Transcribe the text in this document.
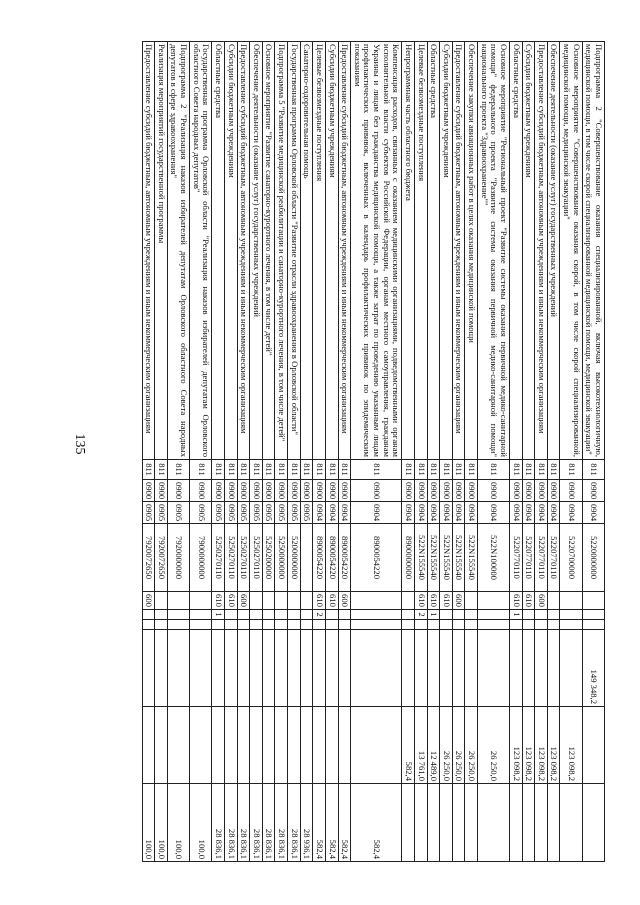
135	Подпрограмма 2 "Совершенствование оказания специализированной, включая высокотехнологичную, медицинской помощи, в том числе скорой специализированной медицинской помощи, медицинской эвакуации"	811	0900	0904	5220000000				149 348,2		
Основное мероприятие "Совершенствование оказания скорой, в том числе скорой специализированной, медицинской помощи, медицинской эвакуации"	811	0900	0904	5220700000					123 098,2	
Обеспечение деятельности (оказание услуг) государственных учреждений	811	0900	0904	5220770110					123 098,2	
Предоставление субсидий бюджетным, автономным учреждениям и иным некоммерческим организациям	811	0900	0904	5220770110	600				123 098,2	
Субсидии бюджетным учреждениям	811	0900	0904	5220770110	610				123 098,2	
Областные средства	811	0900	0904	5220770110	610	1			123 098,2	
Основное мероприятие "Региональный проект "Развитие системы оказания первичной медико-санитарной помощи" федерального проекта "Развитие системы оказания первичной медико-санитарной помощи" национального проекта "Здравоохранение""	811	0900	0904	522N100000					26 250,0	
Обеспечение закупки авиационных работ в целях оказания медицинской помощи	811	0900	0904	522N155540					26 250,0	
Предоставление субсидий бюджетным, автономным учреждениям и иным некоммерческим организациям	811	0900	0904	522N155540	600				26 250,0	
Субсидии бюджетным учреждениям	811	0900	0904	522N155540	610				26 250,0	
Областные средства	811	0900	0904	522N155540	610	1			12 489,0	
Целевые безвозмездные поступления	811	0900	0904	522N155540	610	2			13 761,0	
Непрограммная часть областного бюджета	811	0900	0904	8900000000					582,4	
Компенсация расходов, связанных с оказанием медицинскими организациями, подведомственными органам исполнительной власти субъектов Российской Федерации, органам местного самоуправления, гражданам Украины и лицам без гражданства медицинской помощи, а также затрат по проведению указанным лицам профилактических прививок, включенных в календарь профилактических прививок по эпидемическим показаниям	811	0900	0904	8900054220						582,4
Предоставление субсидий бюджетным, автономным учреждениям и иным некоммерческим организациям	811	0900	0904	8900054220	600					582,4
Субсидии бюджетным учреждениям	811	0900	0904	8900054220	610					582,4
Целевые безвозмездные поступления	811	0900	0904	8900054220	610	2				582,4
Санаторно-оздоровительная помощь	811	0900	0905							28 936,1
Государственная программа Орловской области "Развитие отрасли здравоохранения в Орловской области"	811	0900	0905	5200000000						28 836,1
Подпрограмма 5 "Развитие медицинской реабилитации и санаторно-курортного лечения, в том числе детей"	811	0900	0905	5250000000						28 836,1
Основное мероприятие "Развитие санаторно-курортного лечения, в том числе детей"	811	0900	0905	5250200000						28 836,1
Обеспечение деятельности (оказание услуг) государственных учреждений	811	0900	0905	5250270110						28 836,1
Предоставление субсидий бюджетным, автономным учреждениям и иным некоммерческим организациям	811	0900	0905	5250270110	600					28 836,1
Субсидии бюджетным учреждениям	811	0900	0905	5250270110	610					28 836,1
Областные средства	811	0900	0905	5250270110	610	1				28 836,1
Государственная программа Орловской области "Реализация наказов избирателей депутатам Орловского областного Совета народных депутатов"	811	0900	0905	7900000000						100,0
Подпрограмма 2 "Реализация наказов избирателей депутатам Орловского областного Совета народных депутатов в сфере здравоохранения"	811	0900	0905	7920000000						100,0
Реализация мероприятий государственной программы	811	0900	0905	7920072650						100,0
Предоставление субсидий бюджетным, автономным учреждениям и иным некоммерческим организациям	811	0900	0905	7920072650	600					100,0
